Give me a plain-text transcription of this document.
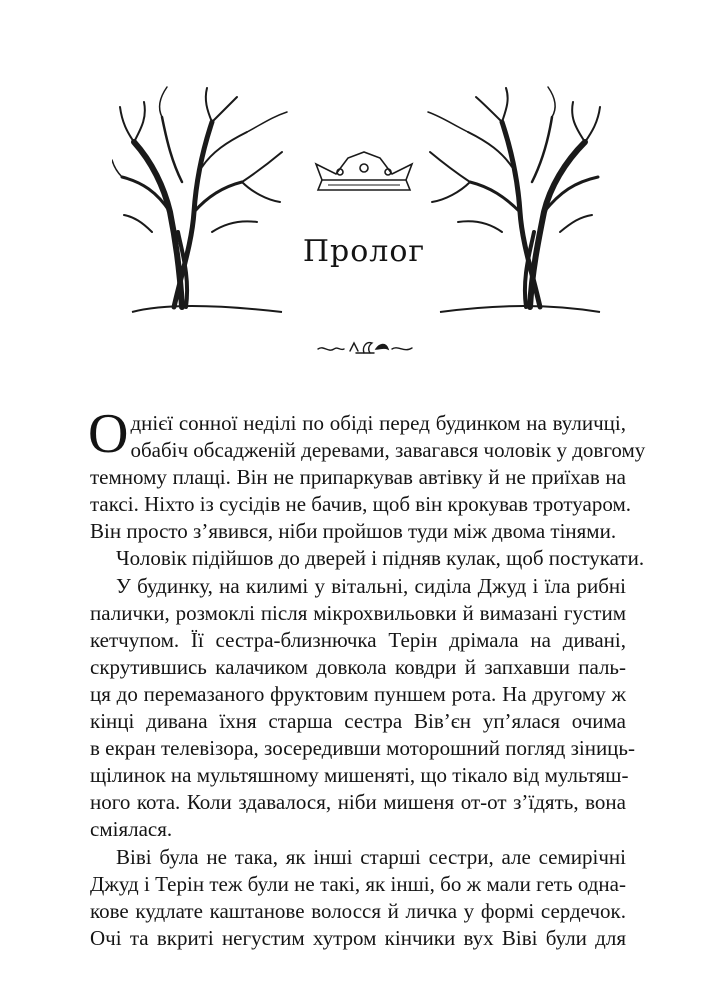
Пролог
О днієї сонної неділі по обіді перед будинком на вуличці,
обабіч обсадженій деревами, завагався чоловік у довгому
темному плащі. Він не припаркував автівку й не приїхав на
таксі. Ніхто із сусідів не бачив, щоб він крокував тротуаром.
Він просто з’явився, ніби пройшов туди між двома тінями.
Чоловік підійшов до дверей і підняв кулак, щоб постукати.
У будинку, на килимі у вітальні, сиділа Джуд і їла рибні
палички, розмоклі після мікрохвильовки й вимазані густим
кетчупом. Її сестра-близнючка Терін дрімала на дивані,
скрутившись калачиком довкола ковдри й запхавши паль-
ця до перемазаного фруктовим пуншем рота. На другому ж
кінці дивана їхня старша сестра Вів’єн уп’ялася очима
в екран телевізора, зосередивши моторошний погляд зіниць-
щілинок на мультяшному мишеняті, що тікало від мультяш-
ного кота. Коли здавалося, ніби мишеня от-от з’їдять, вона
сміялася.
Віві була не така, як інші старші сестри, але семирічні
Джуд і Терін теж були не такі, як інші, бо ж мали геть одна-
кове кудлате каштанове волосся й личка у формі сердечок.
Очі та вкриті негустим хутром кінчики вух Віві були для
